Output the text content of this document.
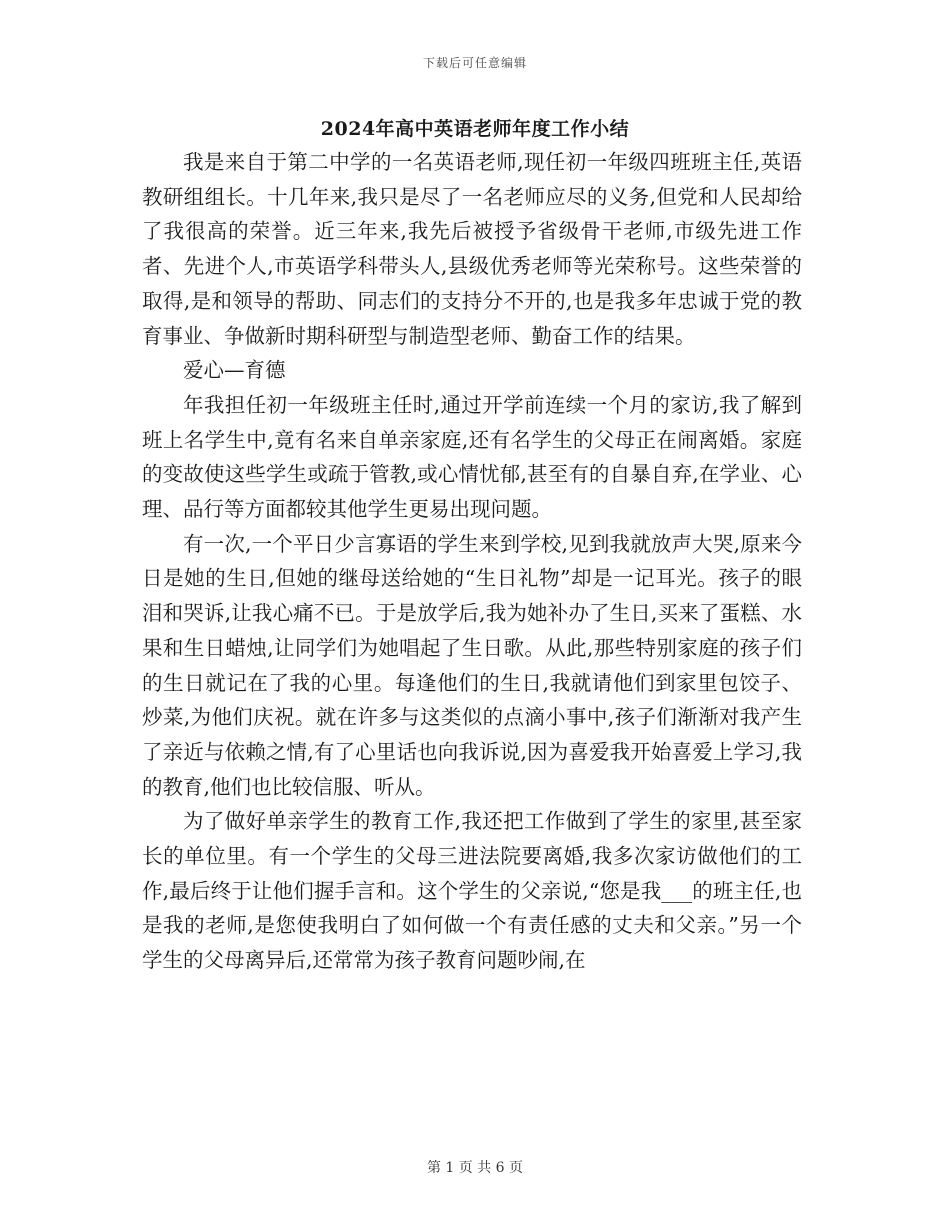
下载后可任意编辑
2024年高中英语老师年度工作小结

我是来自于第二中学的一名英语老师,现任初一年级四班班主任,英语教研组组长。十几年来,我只是尽了一名老师应尽的义务,但党和人民却给了我很高的荣誉。近三年来,我先后被授予省级骨干老师,市级先进工作者、先进个人,市英语学科带头人,县级优秀老师等光荣称号。这些荣誉的取得,是和领导的帮助、同志们的支持分不开的,也是我多年忠诚于党的教育事业、争做新时期科研型与制造型老师、勤奋工作的结果。

爱心—育德

年我担任初一年级班主任时,通过开学前连续一个月的家访,我了解到班上名学生中,竟有名来自单亲家庭,还有名学生的父母正在闹离婚。家庭的变故使这些学生或疏于管教,或心情忧郁,甚至有的自暴自弃,在学业、心理、品行等方面都较其他学生更易出现问题。

有一次,一个平日少言寡语的学生来到学校,见到我就放声大哭,原来今日是她的生日,但她的继母送给她的“生日礼物”却是一记耳光。孩子的眼泪和哭诉,让我心痛不已。于是放学后,我为她补办了生日,买来了蛋糕、水果和生日蜡烛,让同学们为她唱起了生日歌。从此,那些特别家庭的孩子们的生日就记在了我的心里。每逢他们的生日,我就请他们到家里包饺子、炒菜,为他们庆祝。就在许多与这类似的点滴小事中,孩子们渐渐对我产生了亲近与依赖之情,有了心里话也向我诉说,因为喜爱我开始喜爱上学习,我的教育,他们也比较信服、听从。

为了做好单亲学生的教育工作,我还把工作做到了学生的家里,甚至家长的单位里。有一个学生的父母三进法院要离婚,我多次家访做他们的工作,最后终于让他们握手言和。这个学生的父亲说,“您是我___的班主任,也是我的老师,是您使我明白了如何做一个有责任感的丈夫和父亲。”另一个学生的父母离异后,还常常为孩子教育问题吵闹,在

第 1 页 共 6 页
